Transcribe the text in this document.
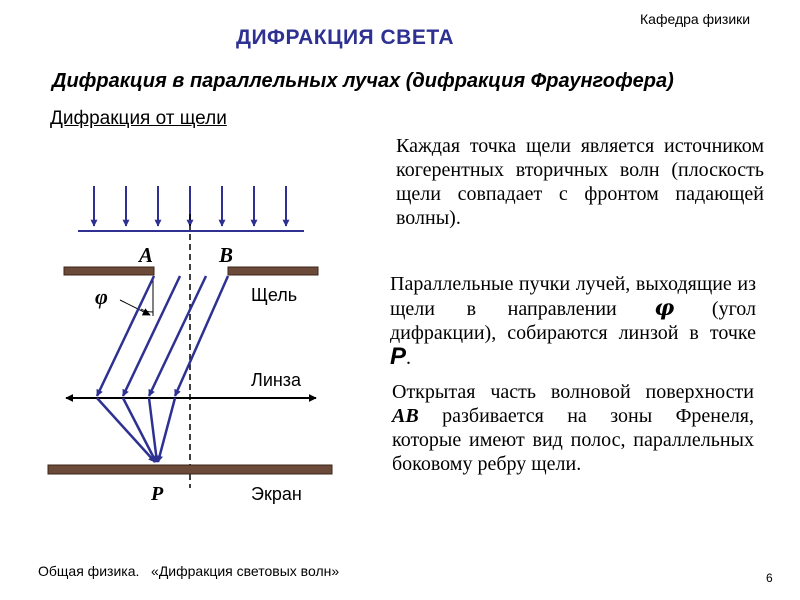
Кафедра физики
ДИФРАКЦИЯ СВЕТА
Дифракция в параллельных лучах (дифракция Фраунгофера)
Дифракция от щели
A	B
φ	Щель
Линза
P	Экран
Каждая точка щели является источником когерентных вторичных волн (плоскость щели совпадает с фронтом падающей волны).
Параллельные пучки лучей, выходящие из щели в направлении φ (угол дифракции), собираются линзой в точке P.
Открытая часть волновой поверхности AB разбивается на зоны Френеля, которые имеют вид полос, параллельных боковому ребру щели.
Общая физика.   «Дифракция световых волн»	6
